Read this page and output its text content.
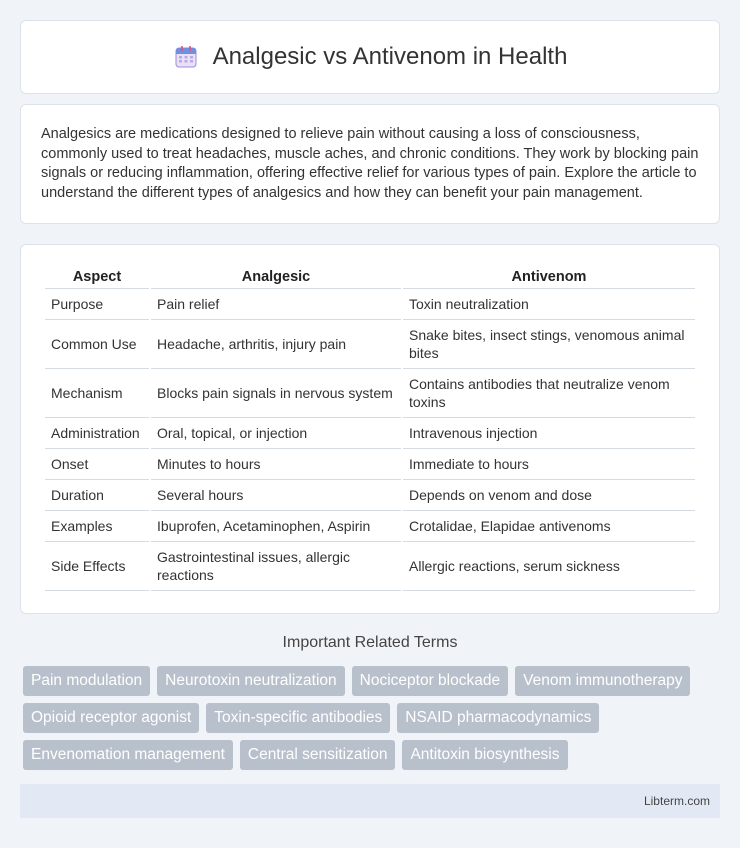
Analgesic vs Antivenom in Health

Analgesics are medications designed to relieve pain without causing a loss of consciousness, commonly used to treat headaches, muscle aches, and chronic conditions. They work by blocking pain signals or reducing inflammation, offering effective relief for various types of pain. Explore the article to understand the different types of analgesics and how they can benefit your pain management.

Aspect	Analgesic	Antivenom
Purpose	Pain relief	Toxin neutralization
Common Use	Headache, arthritis, injury pain	Snake bites, insect stings, venomous animal bites
Mechanism	Blocks pain signals in nervous system	Contains antibodies that neutralize venom toxins
Administration	Oral, topical, or injection	Intravenous injection
Onset	Minutes to hours	Immediate to hours
Duration	Several hours	Depends on venom and dose
Examples	Ibuprofen, Acetaminophen, Aspirin	Crotalidae, Elapidae antivenoms
Side Effects	Gastrointestinal issues, allergic reactions	Allergic reactions, serum sickness
Important Related Terms
Pain modulation	Neurotoxin neutralization	Nociceptor blockade	Venom immunotherapy
Opioid receptor agonist	Toxin-specific antibodies	NSAID pharmacodynamics
Envenomation management	Central sensitization	Antitoxin biosynthesis
Libterm.com
